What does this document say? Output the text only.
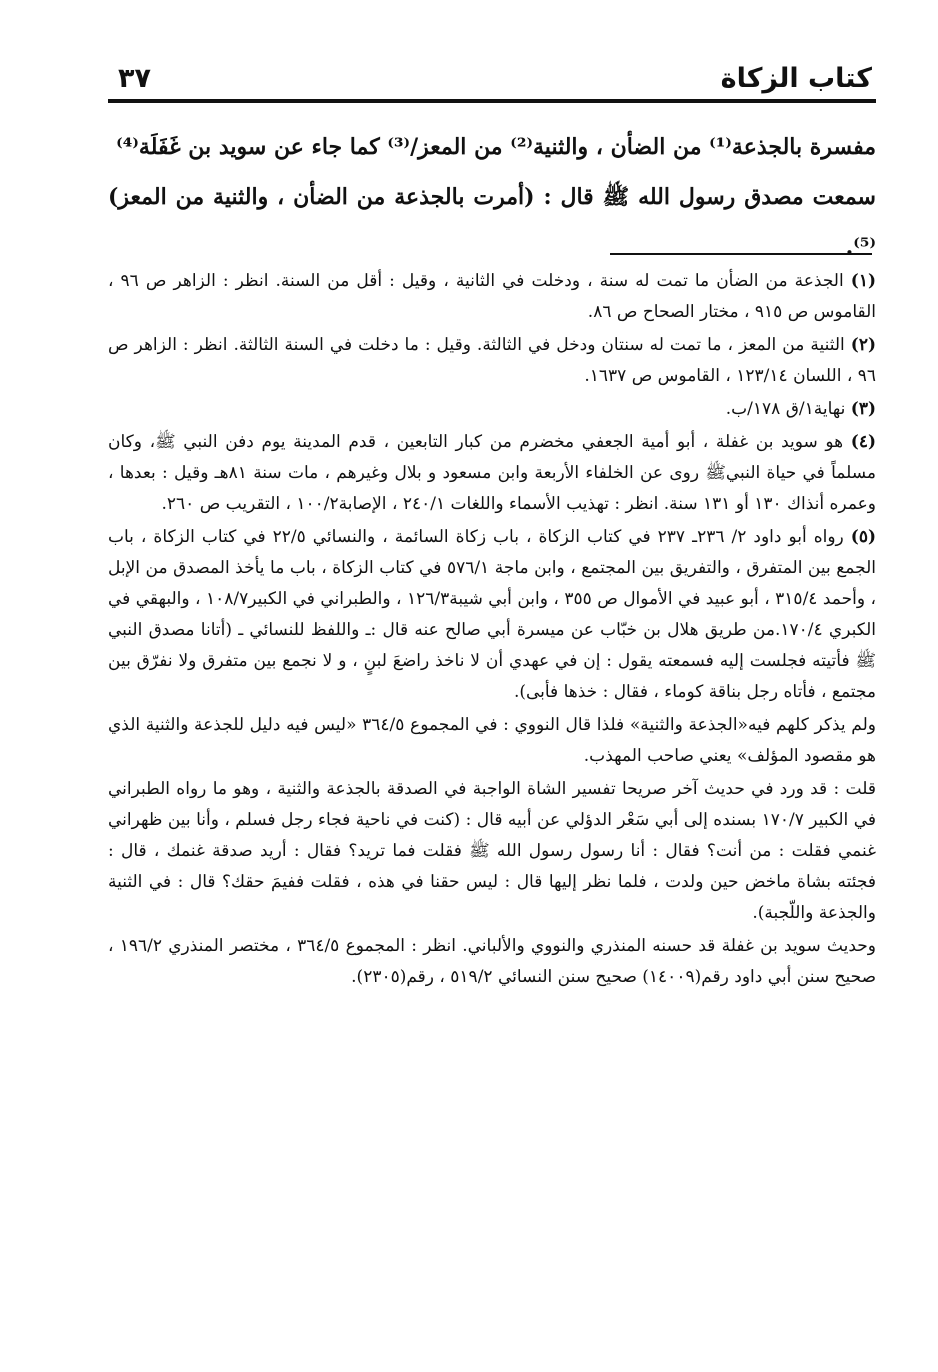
كتاب الزكاة
٣٧

مفسرة بالجذعة⁽¹⁾ من الضأن ، والثنية⁽²⁾ من المعز/⁽³⁾ كما جاء عن سويد بن غَفَلَة⁽⁴⁾

سمعت مصدق رسول الله ﷺ قال : (أمرت بالجذعة من الضأن ، والثنية من المعز)⁽⁵⁾.

(١) الجذعة من الضأن ما تمت له سنة ، ودخلت في الثانية ، وقيل : أقل من السنة. انظر : الزاهر ص ٩٦ ، القاموس ص ٩١٥ ، مختار الصحاح ص ٨٦.

(٢) الثنية من المعز ، ما تمت له سنتان ودخل في الثالثة. وقيل : ما دخلت في السنة الثالثة. انظر : الزاهر ص ٩٦ ، اللسان ١٢٣/١٤ ، القاموس ص ١٦٣٧.

(٣) نهاية١/ق ١٧٨/ب.

(٤) هو سويد بن غفلة ، أبو أمية الجعفي مخضرم من كبار التابعين ، قدم المدينة يوم دفن النبي ﷺ، وكان مسلماً في حياة النبيﷺ روى عن الخلفاء الأربعة وابن مسعود و بلال وغيرهم ، مات سنة ٨١هـ وقيل : بعدها ، وعمره أنذاك ١٣٠ أو ١٣١ سنة. انظر : تهذيب الأسماء واللغات ٢٤٠/١ ، الإصابة١٠٠/٢ ، التقريب ص ٢٦٠.

(٥) رواه أبو داود ٢/ ٢٣٦ـ ٢٣٧ في كتاب الزكاة ، باب زكاة السائمة ، والنسائي ٢٢/٥ في كتاب الزكاة ، باب الجمع بين المتفرق ، والتفريق بين المجتمع ، وابن ماجة ٥٧٦/١ في كتاب الزكاة ، باب ما يأخذ المصدق من الإبل ، وأحمد ٣١٥/٤ ، أبو عبيد في الأموال ص ٣٥٥ ، وابن أبي شيبة١٢٦/٣ ، والطبراني في الكبير١٠٨/٧ ، والبهقي في الكبري ١٧٠/٤.من طريق هلال بن خبّاب عن ميسرة أبي صالح عنه قال :ـ واللفظ للنسائي ـ (أتانا مصدق النبي ﷺ فأتيته فجلست إليه فسمعته يقول : إن في عهدي أن لا ناخذ راضعَ لبنٍ ، و لا نجمع بين متفرق ولا نفرّق بين مجتمع ، فأتاه رجل بناقة كوماء ، فقال : خذها فأبى).

ولم يذكر كلهم فيه«الجذعة والثنية» فلذا قال النووي : في المجموع ٣٦٤/٥ «ليس فيه دليل للجذعة والثنية الذي هو مقصود المؤلف» يعني صاحب المهذب.

قلت : قد ورد في حديث آخر صريحا تفسير الشاة الواجبة في الصدقة بالجذعة والثنية ، وهو ما رواه الطبراني في الكبير ١٧٠/٧ بسنده إلى أبي سَعْر الدؤلي عن أبيه قال : (كنت في ناحية فجاء رجل فسلم ، وأنا بين ظهراني غنمي فقلت : من أنت؟ فقال : أنا رسول رسول الله ﷺ فقلت فما تريد؟ فقال : أريد صدقة غنمك ، قال : فجئته بشاة ماخض حين ولدت ، فلما نظر إليها قال : ليس حقنا في هذه ، فقلت ففيمَ حقك؟ قال : في الثنية والجذعة واللّجبة).

وحديث سويد بن غفلة قد حسنه المنذري والنووي والألباني. انظر : المجموع ٣٦٤/٥ ، مختصر المنذري ١٩٦/٢ ، صحيح سنن أبي داود رقم(١٤٠٠٩) صحيح سنن النسائي ٥١٩/٢ ، رقم(٢٣٠٥).
